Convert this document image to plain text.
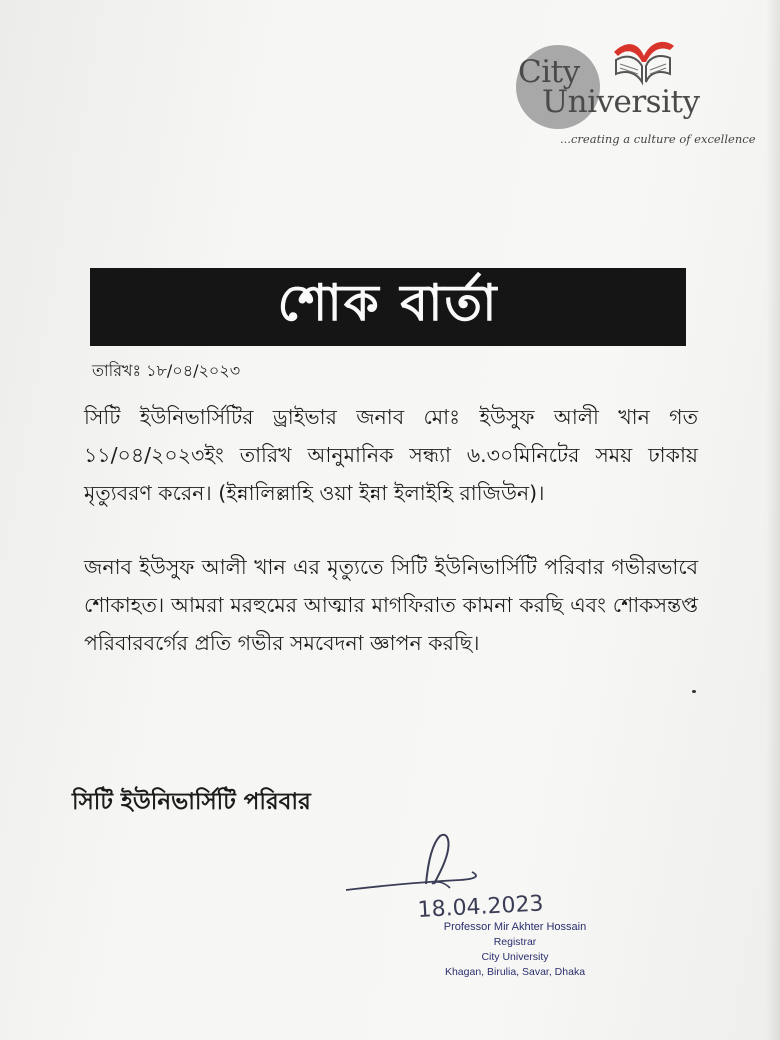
City
University
...creating a culture of excellence
শোক বার্তা
তারিখঃ ১৮/০৪/২০২৩
সিটি ইউনিভার্সিটির ড্রাইভার জনাব মোঃ ইউসুফ আলী খান গত ১১/০৪/২০২৩ইং তারিখ আনুমানিক সন্ধ্যা ৬.৩০মিনিটের সময় ঢাকায় মৃত্যুবরণ করেন। (ইন্নালিল্লাহি ওয়া ইন্না ইলাইহি রাজিউন)।
জনাব ইউসুফ আলী খান এর মৃত্যুতে সিটি ইউনিভার্সিটি পরিবার গভীরভাবে শোকাহত। আমরা মরহুমের আত্মার মাগফিরাত কামনা করছি এবং শোকসন্তপ্ত পরিবারবর্গের প্রতি গভীর সমবেদনা জ্ঞাপন করছি।
সিটি ইউনিভার্সিটি পরিবার
18.04.2023
Professor Mir Akhter Hossain
Registrar
City University
Khagan, Birulia, Savar, Dhaka
